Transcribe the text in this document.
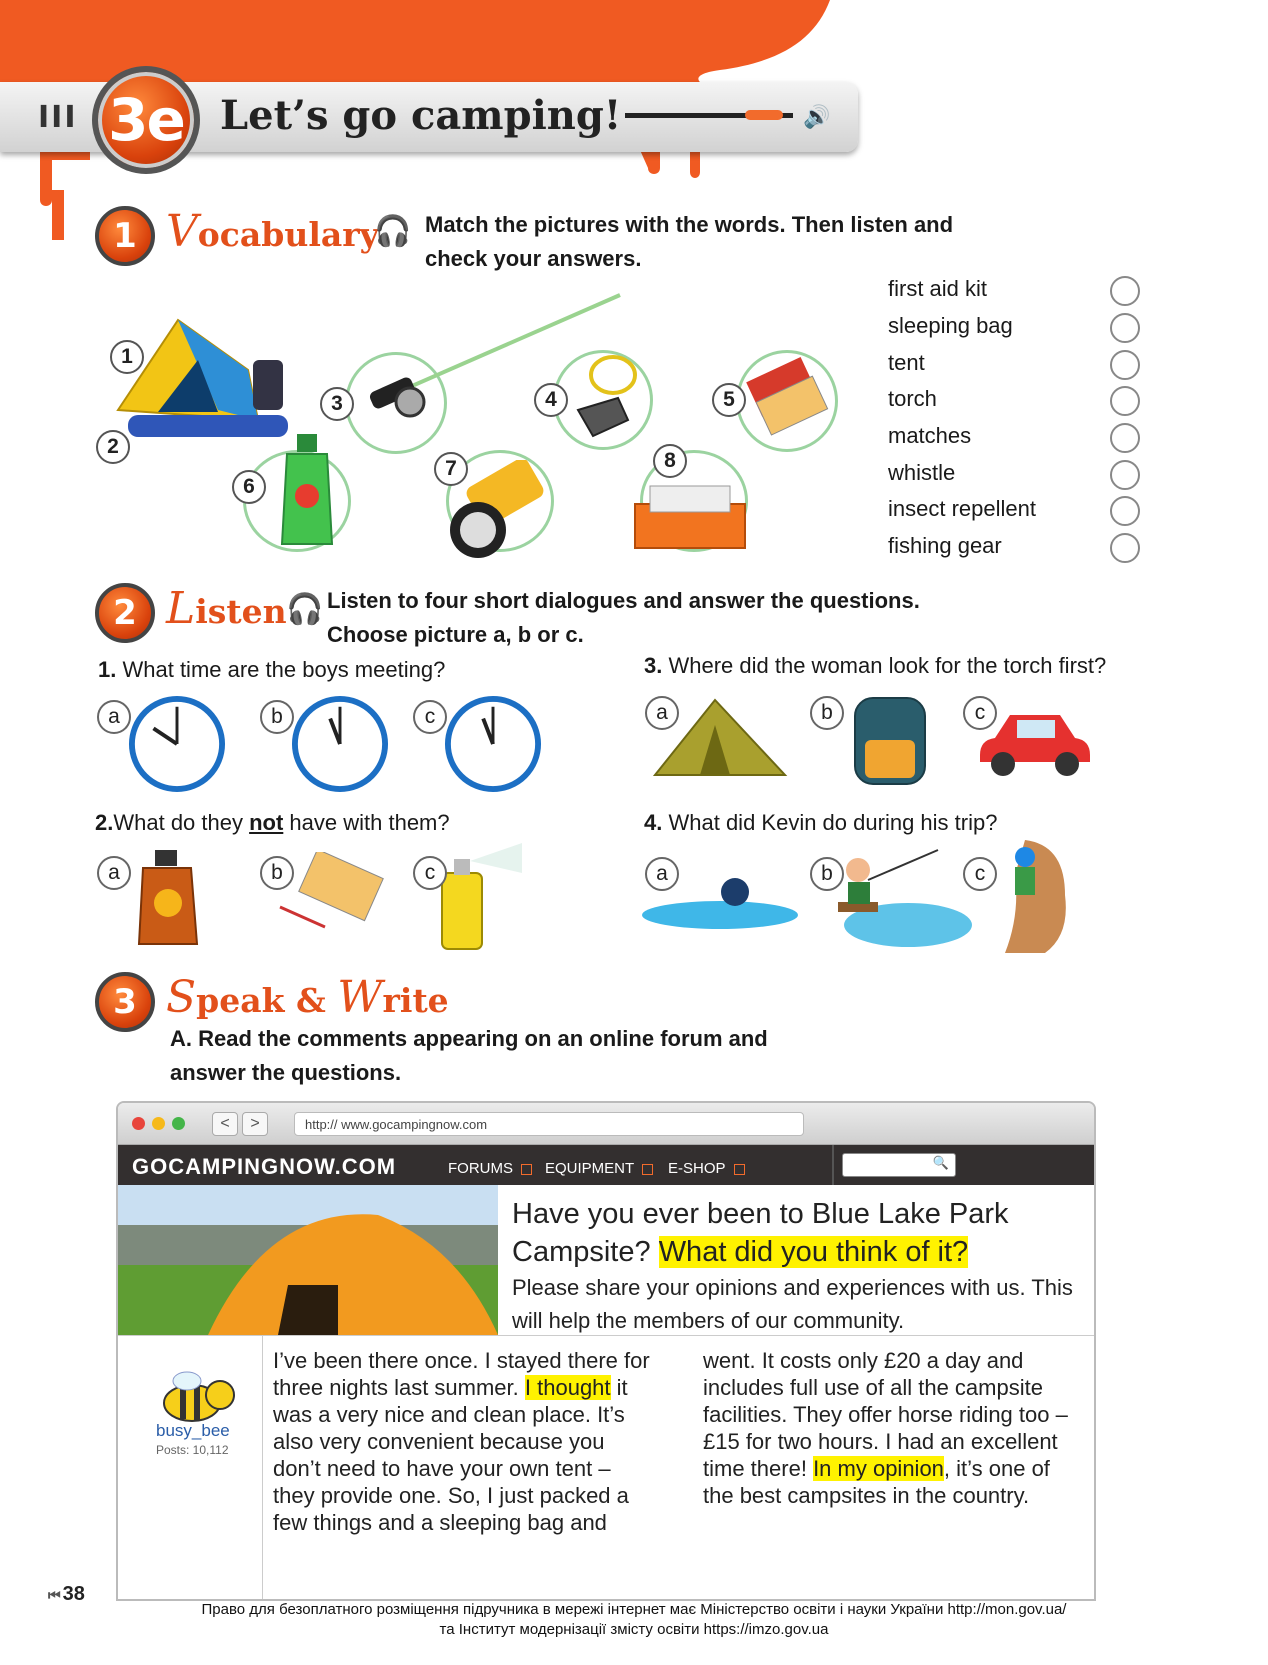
III 3e Let’s go camping!	🔊
1 Vocabulary
🎧 Match the pictures with the words. Then listen and
check your answers.
1
2
3	4	5
6
7	8
first aid kit
sleeping bag
tent
torch
matches
whistle
insect repellent
fishing gear
2 Listen 🎧 Listen to four short dialogues and answer the questions.
Choose picture a, b or c.
1. What time are the boys meeting?	3. Where did the woman look for the torch first?
a	b	c	a	b	c
2.What do they not have with them?	4. What did Kevin do during his trip?
a	b	c	a	b	c
3 Speak & Write
A. Read the comments appearing on an online forum and
answer the questions.
<	>	http:// www.gocampingnow.com
GOCAMPINGNOW.COM	FORUMS	EQUIPMENT	E-SHOP	🔍
Have you ever been to Blue Lake Park Campsite? What did you think of it?
Please share your opinions and experiences with us. This will help the members of our community.
busy_bee
Posts: 10,112
I’ve been there once. I stayed there for three nights last summer. I thought it was a very nice and clean place. It’s also very convenient because you don’t need to have your own tent – they provide one. So, I just packed a few things and a sleeping bag and
went. It costs only £20 a day and includes full use of all the campsite facilities. They offer horse riding too – £15 for two hours. I had an excellent time there! In my opinion, it’s one of the best campsites in the country.
⏮ 38
Право для безоплатного розміщення підручника в мережі інтернет має Міністерство освіти і науки України http://mon.gov.ua/
та Інститут модернізації змісту освіти https://imzo.gov.ua
